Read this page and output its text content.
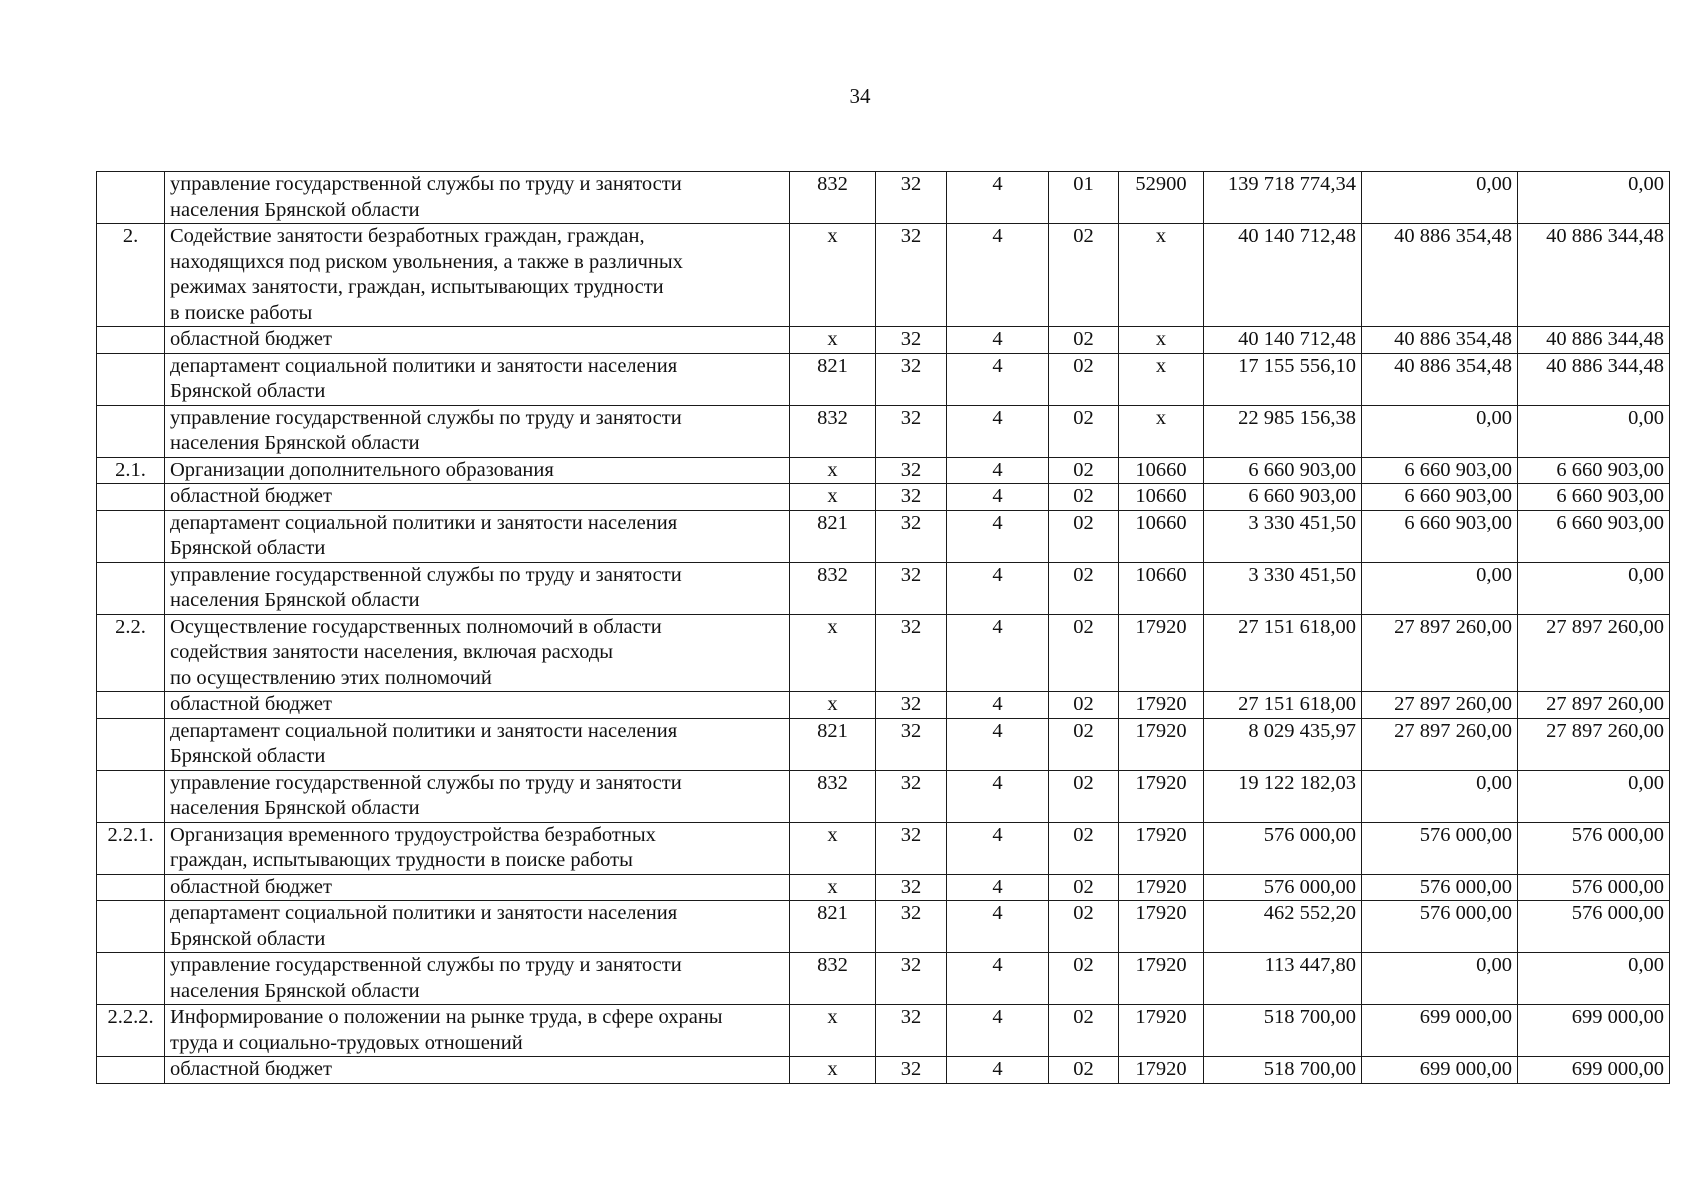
34

	управление государственной службы по труду и занятости
населения Брянской области	832	32	4	01	52900	139 718 774,34	0,00	0,00
2.	Содействие занятости безработных граждан, граждан,
находящихся под риском увольнения, а также в различных
режимах занятости, граждан, испытывающих трудности
в поиске работы	х	32	4	02	х	40 140 712,48	40 886 354,48	40 886 344,48

	областной бюджет	х	32	4	02	х	40 140 712,48	40 886 354,48	40 886 344,48

	департамент социальной политики и занятости населения
Брянской области	821	32	4	02	х	17 155 556,10	40 886 354,48	40 886 344,48

	управление государственной службы по труду и занятости
населения Брянской области	832	32	4	02	х	22 985 156,38	0,00	0,00
2.1.	Организации дополнительного образования	х	32	4	02	10660	6 660 903,00	6 660 903,00	6 660 903,00

	областной бюджет	х	32	4	02	10660	6 660 903,00	6 660 903,00	6 660 903,00

	департамент социальной политики и занятости населения
Брянской области	821	32	4	02	10660	3 330 451,50	6 660 903,00	6 660 903,00

	управление государственной службы по труду и занятости
населения Брянской области	832	32	4	02	10660	3 330 451,50	0,00	0,00
2.2.	Осуществление государственных полномочий в области
содействия занятости населения, включая расходы
по осуществлению этих полномочий	х	32	4	02	17920	27 151 618,00	27 897 260,00	27 897 260,00

	областной бюджет	х	32	4	02	17920	27 151 618,00	27 897 260,00	27 897 260,00

	департамент социальной политики и занятости населения
Брянской области	821	32	4	02	17920	8 029 435,97	27 897 260,00	27 897 260,00

	управление государственной службы по труду и занятости
населения Брянской области	832	32	4	02	17920	19 122 182,03	0,00	0,00
2.2.1.	Организация временного трудоустройства безработных
граждан, испытывающих трудности в поиске работы	х	32	4	02	17920	576 000,00	576 000,00	576 000,00

	областной бюджет	х	32	4	02	17920	576 000,00	576 000,00	576 000,00

	департамент социальной политики и занятости населения
Брянской области	821	32	4	02	17920	462 552,20	576 000,00	576 000,00

	управление государственной службы по труду и занятости
населения Брянской области	832	32	4	02	17920	113 447,80	0,00	0,00
2.2.2.	Информирование о положении на рынке труда, в сфере охраны
труда и социально-трудовых отношений	х	32	4	02	17920	518 700,00	699 000,00	699 000,00

	областной бюджет	х	32	4	02	17920	518 700,00	699 000,00	699 000,00
